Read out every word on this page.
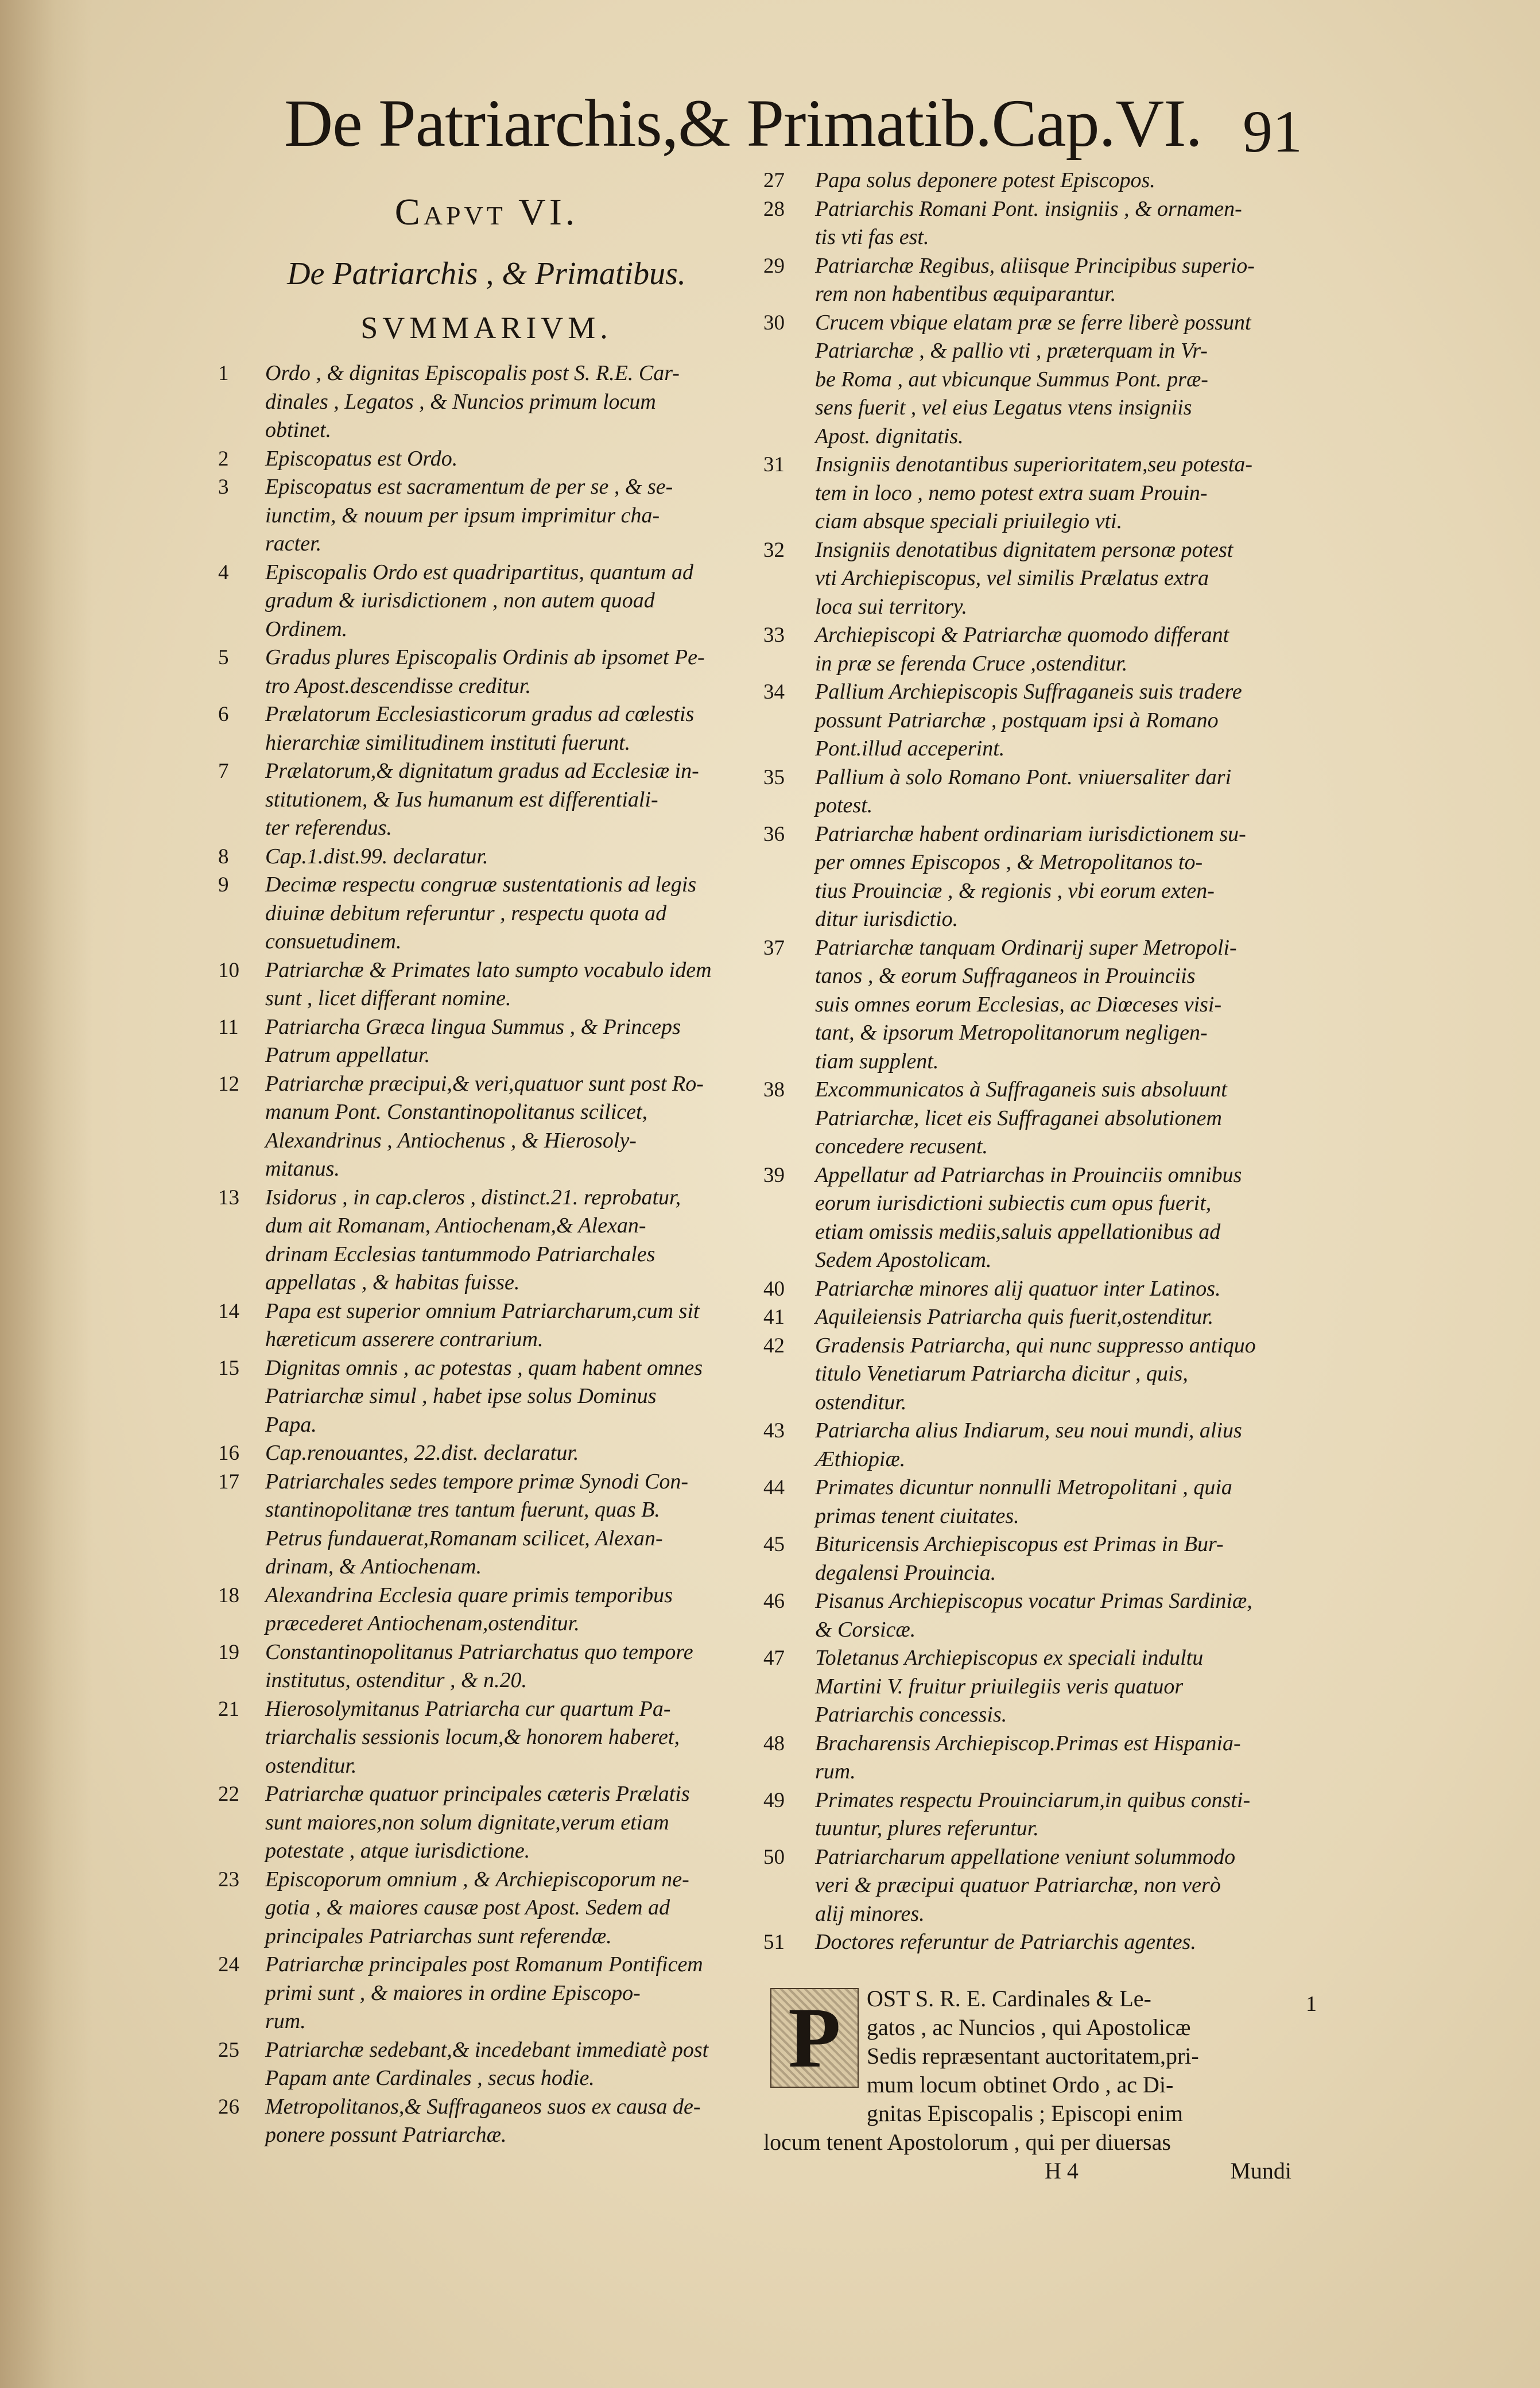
De Patriarchis,& Primatib.Cap.VI. 91
Capvt VI.
De Patriarchis , & Primatibus.
SVMMARIVM.
1	Ordo , & dignitas Episcopalis post S. R.E. Car-
dinales , Legatos , & Nuncios primum locum
obtinet.
2	Episcopatus est Ordo.
3	Episcopatus est sacramentum de per se , & se-
iunctim, & nouum per ipsum imprimitur cha-
racter.
4	Episcopalis Ordo est quadripartitus, quantum ad
gradum & iurisdictionem , non autem quoad
Ordinem.
5	Gradus plures Episcopalis Ordinis ab ipsomet Pe-
tro Apost.descendisse creditur.
6	Prælatorum Ecclesiasticorum gradus ad cœlestis
hierarchiæ similitudinem instituti fuerunt.
7	Prælatorum,& dignitatum gradus ad Ecclesiæ in-
stitutionem, & Ius humanum est differentiali-
ter referendus.
8	Cap.1.dist.99. declaratur.
9	Decimæ respectu congruæ sustentationis ad legis
diuinæ debitum referuntur , respectu quota ad
consuetudinem.
10	Patriarchæ & Primates lato sumpto vocabulo idem
sunt , licet differant nomine.
11	Patriarcha Græca lingua Summus , & Princeps
Patrum appellatur.
12	Patriarchæ præcipui,& veri,quatuor sunt post Ro-
manum Pont. Constantinopolitanus scilicet,
Alexandrinus , Antiochenus , & Hierosoly-
mitanus.
13	Isidorus , in cap.cleros , distinct.21. reprobatur,
dum ait Romanam, Antiochenam,& Alexan-
drinam Ecclesias tantummodo Patriarchales
appellatas , & habitas fuisse.
14	Papa est superior omnium Patriarcharum,cum sit
hæreticum asserere contrarium.
15	Dignitas omnis , ac potestas , quam habent omnes
Patriarchæ simul , habet ipse solus Dominus
Papa.
16	Cap.renouantes, 22.dist. declaratur.
17	Patriarchales sedes tempore primæ Synodi Con-
stantinopolitanæ tres tantum fuerunt, quas B.
Petrus fundauerat,Romanam scilicet, Alexan-
drinam, & Antiochenam.
18	Alexandrina Ecclesia quare primis temporibus
præcederet Antiochenam,ostenditur.
19	Constantinopolitanus Patriarchatus quo tempore
institutus, ostenditur , & n.20.
21	Hierosolymitanus Patriarcha cur quartum Pa-
triarchalis sessionis locum,& honorem haberet,
ostenditur.
22	Patriarchæ quatuor principales cæteris Prælatis
sunt maiores,non solum dignitate,verum etiam
potestate , atque iurisdictione.
23	Episcoporum omnium , & Archiepiscoporum ne-
gotia , & maiores causæ post Apost. Sedem ad
principales Patriarchas sunt referendæ.
24	Patriarchæ principales post Romanum Pontificem
primi sunt , & maiores in ordine Episcopo-
rum.
25	Patriarchæ sedebant,& incedebant immediatè post
Papam ante Cardinales , secus hodie.
26	Metropolitanos,& Suffraganeos suos ex causa de-
ponere possunt Patriarchæ.
27	Papa solus deponere potest Episcopos.
28	Patriarchis Romani Pont. insigniis , & ornamen-
tis vti fas est.
29	Patriarchæ Regibus, aliisque Principibus superio-
rem non habentibus æquiparantur.
30	Crucem vbique elatam præ se ferre liberè possunt
Patriarchæ , & pallio vti , præterquam in Vr-
be Roma , aut vbicunque Summus Pont. præ-
sens fuerit , vel eius Legatus vtens insigniis
Apost. dignitatis.
31	Insigniis denotantibus superioritatem,seu potesta-
tem in loco , nemo potest extra suam Prouin-
ciam absque speciali priuilegio vti.
32	Insigniis denotatibus dignitatem personæ potest
vti Archiepiscopus, vel similis Prælatus extra
loca sui territory.
33	Archiepiscopi & Patriarchæ quomodo differant
in præ se ferenda Cruce ,ostenditur.
34	Pallium Archiepiscopis Suffraganeis suis tradere
possunt Patriarchæ , postquam ipsi à Romano
Pont.illud acceperint.
35	Pallium à solo Romano Pont. vniuersaliter dari
potest.
36	Patriarchæ habent ordinariam iurisdictionem su-
per omnes Episcopos , & Metropolitanos to-
tius Prouinciæ , & regionis , vbi eorum exten-
ditur iurisdictio.
37	Patriarchæ tanquam Ordinarij super Metropoli-
tanos , & eorum Suffraganeos in Prouinciis
suis omnes eorum Ecclesias, ac Diœceses visi-
tant, & ipsorum Metropolitanorum negligen-
tiam supplent.
38	Excommunicatos à Suffraganeis suis absoluunt
Patriarchæ, licet eis Suffraganei absolutionem
concedere recusent.
39	Appellatur ad Patriarchas in Prouinciis omnibus
eorum iurisdictioni subiectis cum opus fuerit,
etiam omissis mediis,saluis appellationibus ad
Sedem Apostolicam.
40	Patriarchæ minores alij quatuor inter Latinos.
41	Aquileiensis Patriarcha quis fuerit,ostenditur.
42	Gradensis Patriarcha, qui nunc suppresso antiquo
titulo Venetiarum Patriarcha dicitur , quis,
ostenditur.
43	Patriarcha alius Indiarum, seu noui mundi, alius
Æthiopiæ.
44	Primates dicuntur nonnulli Metropolitani , quia
primas tenent ciuitates.
45	Bituricensis Archiepiscopus est Primas in Bur-
degalensi Prouincia.
46	Pisanus Archiepiscopus vocatur Primas Sardiniæ,
& Corsicæ.
47	Toletanus Archiepiscopus ex speciali indultu
Martini V. fruitur priuilegiis veris quatuor
Patriarchis concessis.
48	Bracharensis Archiepiscop.Primas est Hispania-
rum.
49	Primates respectu Prouinciarum,in quibus consti-
tuuntur, plures referuntur.
50	Patriarcharum appellatione veniunt solummodo
veri & præcipui quatuor Patriarchæ, non verò
alij minores.
51	Doctores referuntur de Patriarchis agentes.
OST S. R. E. Cardinales & Le-
gatos , ac Nuncios , qui Apostolicæ
Sedis repræsentant auctoritatem,pri-
mum locum obtinet Ordo , ac Di-
gnitas Episcopalis ; Episcopi enim
locum tenent Apostolorum , qui per diuersas
P	1
H 4	Mundi
